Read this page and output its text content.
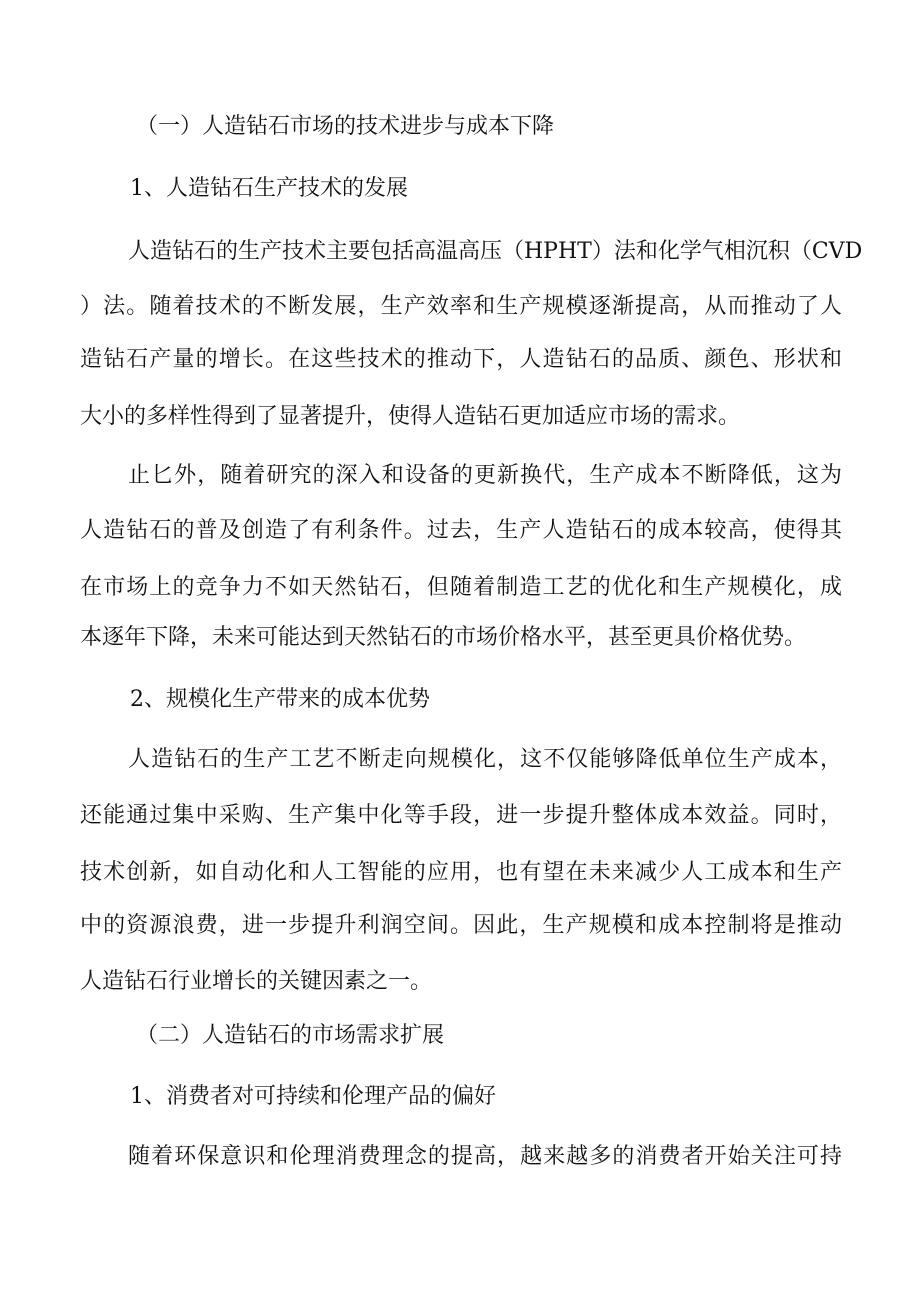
（一）人造钻石市场的技术进步与成本下降

1、人造钻石生产技术的发展

人造钻石的生产技术主要包括高温高压（HPHT）法和化学气相沉积（CVD

）法。随着技术的不断发展，生产效率和生产规模逐渐提高，从而推动了人

造钻石产量的增长。在这些技术的推动下，人造钻石的品质、颜色、形状和

大小的多样性得到了显著提升，使得人造钻石更加适应市场的需求。

止匕外，随着研究的深入和设备的更新换代，生产成本不断降低，这为

人造钻石的普及创造了有利条件。过去，生产人造钻石的成本较高，使得其

在市场上的竞争力不如天然钻石，但随着制造工艺的优化和生产规模化，成

本逐年下降，未来可能达到天然钻石的市场价格水平，甚至更具价格优势。

2、规模化生产带来的成本优势

人造钻石的生产工艺不断走向规模化，这不仅能够降低单位生产成本，

还能通过集中采购、生产集中化等手段，进一步提升整体成本效益。同时，

技术创新，如自动化和人工智能的应用，也有望在未来减少人工成本和生产

中的资源浪费，进一步提升利润空间。因此，生产规模和成本控制将是推动

人造钻石行业增长的关键因素之一。

（二）人造钻石的市场需求扩展

1、消费者对可持续和伦理产品的偏好

随着环保意识和伦理消费理念的提高，越来越多的消费者开始关注可持
